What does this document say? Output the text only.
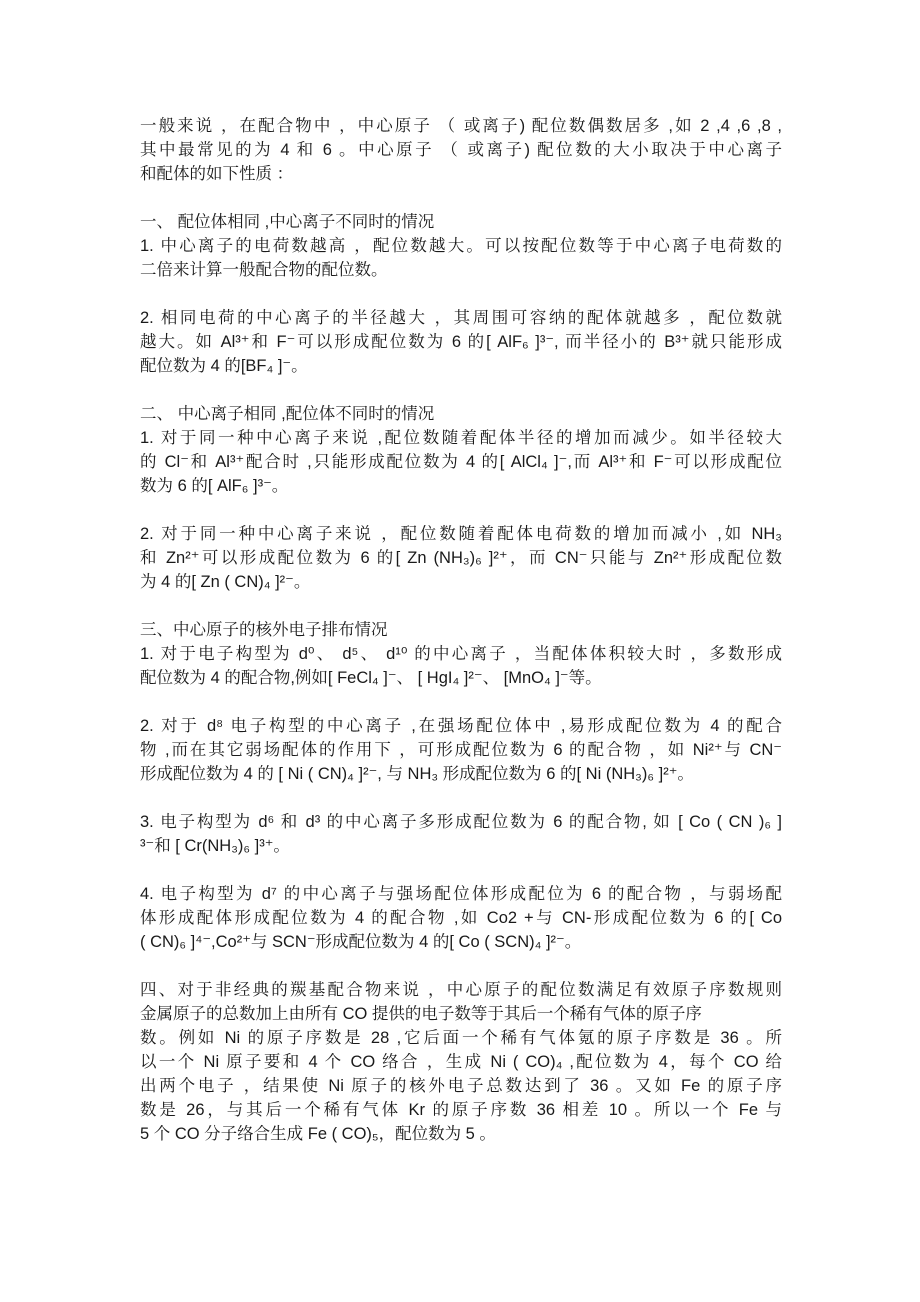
一般来说 ，在配合物中 ，中心原子 （ 或离子) 配位数偶数居多 ,如 2 ,4 ,6 ,8 ,
其中最常见的为 4 和 6 。中心原子 （ 或离子) 配位数的大小取决于中心离子
和配体的如下性质 ：
一、 配位体相同 ,中心离子不同时的情况
1. 中心离子的电荷数越高 ，配位数越大。可以按配位数等于中心离子电荷数的
二倍来计算一般配合物的配位数。
2. 相同电荷的中心离子的半径越大 ，其周围可容纳的配体就越多 ，配位数就
越大。如 Al³⁺和 F⁻可以形成配位数为 6 的[ AlF₆ ]³⁻, 而半径小的 B³⁺就只能形成
配位数为 4 的[BF₄ ]⁻。
二、 中心离子相同 ,配位体不同时的情况
1. 对于同一种中心离子来说 ,配位数随着配体半径的增加而减少。如半径较大
的 Cl⁻和 Al³⁺配合时 ,只能形成配位数为 4 的[ AlCl₄ ]⁻,而 Al³⁺和 F⁻可以形成配位
数为 6 的[ AlF₆ ]³⁻。
2. 对于同一种中心离子来说 ，配位数随着配体电荷数的增加而减小 ,如 NH₃
和 Zn²⁺可以形成配位数为 6 的[ Zn (NH₃)₆ ]²⁺，而 CN⁻只能与 Zn²⁺形成配位数
为 4 的[ Zn ( CN)₄ ]²⁻。
三、中心原子的核外电子排布情况
1. 对于电子构型为 d⁰、 d⁵、 d¹⁰ 的中心离子 ，当配体体积较大时 ，多数形成
配位数为 4 的配合物,例如[ FeCl₄ ]⁻、 [ HgI₄ ]²⁻、 [MnO₄ ]⁻等。
2. 对于 d⁸ 电子构型的中心离子 ,在强场配位体中 ,易形成配位数为 4 的配合
物 ,而在其它弱场配体的作用下 ，可形成配位数为 6 的配合物 ，如 Ni²⁺与 CN⁻
形成配位数为 4 的 [ Ni ( CN)₄ ]²⁻, 与 NH₃ 形成配位数为 6 的[ Ni (NH₃)₆ ]²⁺。
3. 电子构型为 d⁶ 和 d³ 的中心离子多形成配位数为 6 的配合物, 如 [ Co ( CN )₆ ]
³⁻和 [ Cr(NH₃)₆ ]³⁺。
4. 电子构型为 d⁷ 的中心离子与强场配位体形成配位为 6 的配合物 ，与弱场配
体形成配体形成配位数为 4 的配合物 ,如 Co2 +与 CN-形成配位数为 6 的[ Co
( CN)₆ ]⁴⁻,Co²⁺与 SCN⁻形成配位数为 4 的[ Co ( SCN)₄ ]²⁻。
四、对于非经典的羰基配合物来说 ，中心原子的配位数满足有效原子序数规则
金属原子的总数加上由所有 CO 提供的电子数等于其后一个稀有气体的原子序
数。例如 Ni 的原子序数是 28 ,它后面一个稀有气体氪的原子序数是 36 。所
以一个 Ni 原子要和 4 个 CO 络合 ，生成 Ni ( CO)₄ ,配位数为 4，每个 CO 给
出两个电子 ，结果使 Ni 原子的核外电子总数达到了 36 。又如 Fe 的原子序
数是 26，与其后一个稀有气体 Kr 的原子序数 36 相差 10 。所以一个 Fe 与
5 个 CO 分子络合生成 Fe ( CO)₅，配位数为 5 。
